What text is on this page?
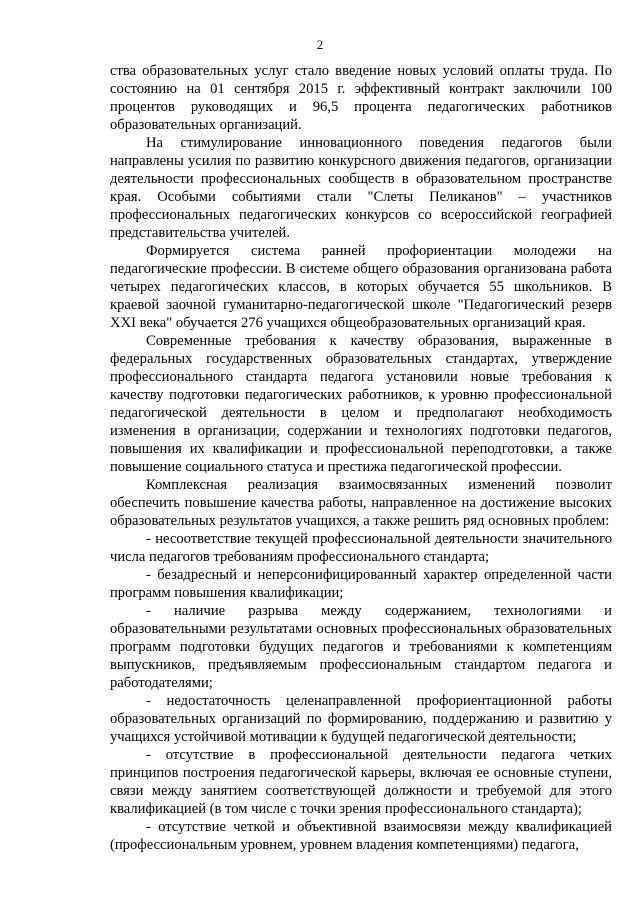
2

ства образовательных услуг стало введение новых условий оплаты труда. По состоянию на 01 сентября 2015 г. эффективный контракт заключили 100 процентов руководящих и 96,5 процента педагогических работников образовательных организаций.

На стимулирование инновационного поведения педагогов были направлены усилия по развитию конкурсного движения педагогов, организации деятельности профессиональных сообществ в образовательном пространстве края. Особыми событиями стали "Слеты Пеликанов" – участников профессиональных педагогических конкурсов со всероссийской географией представительства учителей.

Формируется система ранней профориентации молодежи на педагогические профессии. В системе общего образования организована работа четырех педагогических классов, в которых обучается 55 школьников. В краевой заочной гуманитарно-педагогической школе "Педагогический резерв XXI века" обучается 276 учащихся общеобразовательных организаций края.

Современные требования к качеству образования, выраженные в федеральных государственных образовательных стандартах, утверждение профессионального стандарта педагога установили новые требования к качеству подготовки педагогических работников, к уровню профессиональной педагогической деятельности в целом и предполагают необходимость изменения в организации, содержании и технологиях подготовки педагогов, повышения их квалификации и профессиональной переподготовки, а также повышение социального статуса и престижа педагогической профессии.

Комплексная реализация взаимосвязанных изменений позволит обеспечить повышение качества работы, направленное на достижение высоких образовательных результатов учащихся, а также решить ряд основных проблем:

- несоответствие текущей профессиональной деятельности значительного числа педагогов требованиям профессионального стандарта;

- безадресный и неперсонифицированный характер определенной части программ повышения квалификации;

- наличие разрыва между содержанием, технологиями и образовательными результатами основных профессиональных образовательных программ подготовки будущих педагогов и требованиями к компетенциям выпускников, предъявляемым профессиональным стандартом педагога и работодателями;

- недостаточность целенаправленной профориентационной работы образовательных организаций по формированию, поддержанию и развитию у учащихся устойчивой мотивации к будущей педагогической деятельности;

- отсутствие в профессиональной деятельности педагога четких принципов построения педагогической карьеры, включая ее основные ступени, связи между занятием соответствующей должности и требуемой для этого квалификацией (в том числе с точки зрения профессионального стандарта);

- отсутствие четкой и объективной взаимосвязи между квалификацией (профессиональным уровнем, уровнем владения компетенциями) педагога,
